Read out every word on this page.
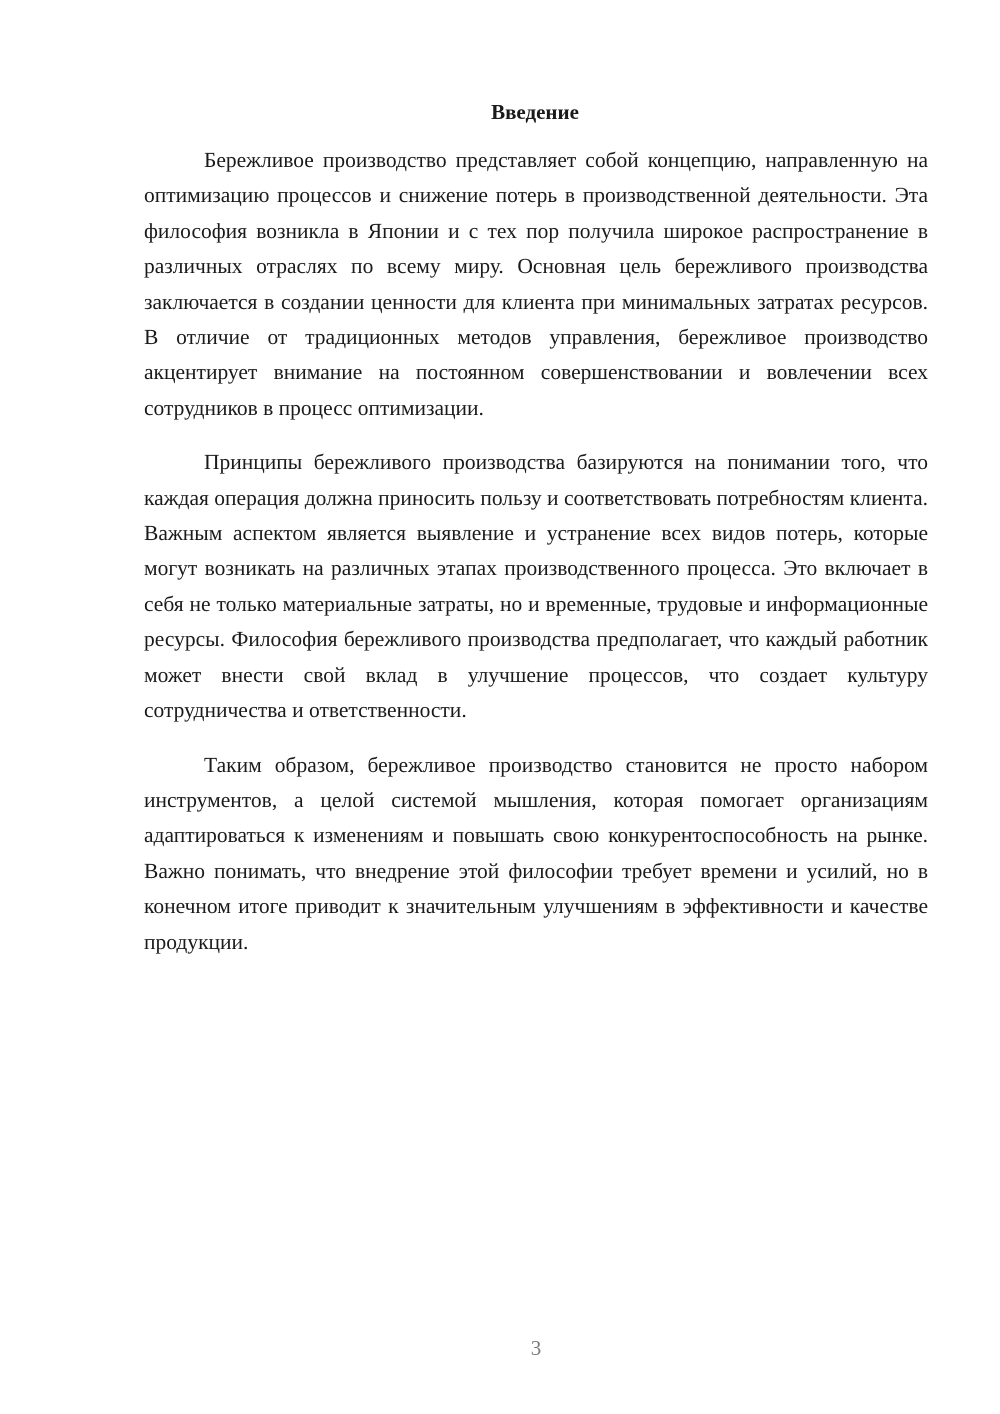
Введение

Бережливое производство представляет собой концепцию, направленную на оптимизацию процессов и снижение потерь в производственной деятельности. Эта философия возникла в Японии и с тех пор получила широкое распространение в различных отраслях по всему миру. Основная цель бережливого производства заключается в создании ценности для клиента при минимальных затратах ресурсов. В отличие от традиционных методов управления, бережливое производство акцентирует внимание на постоянном совершенствовании и вовлечении всех сотрудников в процесс оптимизации.

Принципы бережливого производства базируются на понимании того, что каждая операция должна приносить пользу и соответствовать потребностям клиента. Важным аспектом является выявление и устранение всех видов потерь, которые могут возникать на различных этапах производственного процесса. Это включает в себя не только материальные затраты, но и временные, трудовые и информационные ресурсы. Философия бережливого производства предполагает, что каждый работник может внести свой вклад в улучшение процессов, что создает культуру сотрудничества и ответственности.

Таким образом, бережливое производство становится не просто набором инструментов, а целой системой мышления, которая помогает организациям адаптироваться к изменениям и повышать свою конкурентоспособность на рынке. Важно понимать, что внедрение этой философии требует времени и усилий, но в конечном итоге приводит к значительным улучшениям в эффективности и качестве продукции.

3
